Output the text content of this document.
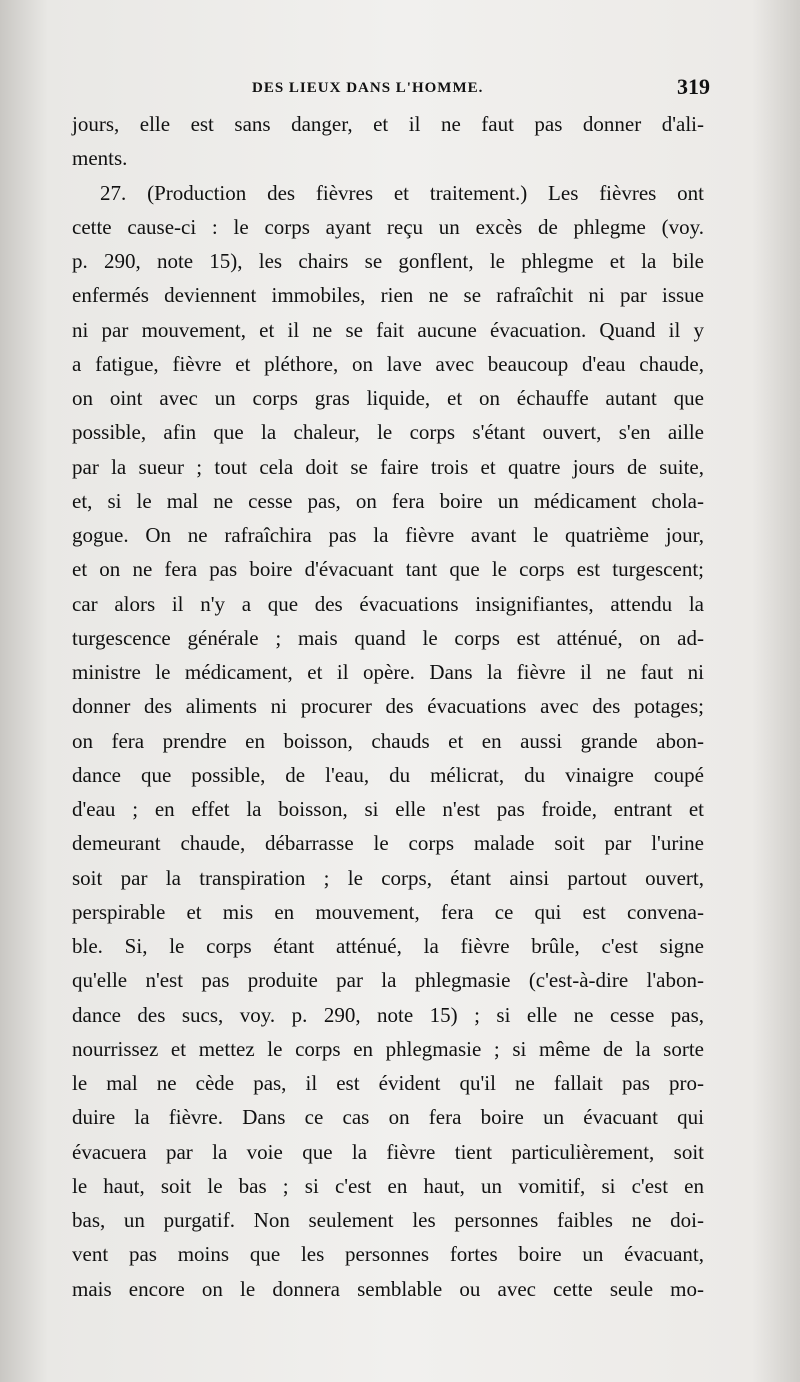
DES LIEUX DANS L'HOMME.	319
jours, elle est sans danger, et il ne faut pas donner d'ali-
ments.
27. (Production des fièvres et traitement.) Les fièvres ont
cette cause-ci : le corps ayant reçu un excès de phlegme (voy.
p. 290, note 15), les chairs se gonflent, le phlegme et la bile
enfermés deviennent immobiles, rien ne se rafraîchit ni par issue
ni par mouvement, et il ne se fait aucune évacuation. Quand il y
a fatigue, fièvre et pléthore, on lave avec beaucoup d'eau chaude,
on oint avec un corps gras liquide, et on échauffe autant que
possible, afin que la chaleur, le corps s'étant ouvert, s'en aille
par la sueur ; tout cela doit se faire trois et quatre jours de suite,
et, si le mal ne cesse pas, on fera boire un médicament chola-
gogue. On ne rafraîchira pas la fièvre avant le quatrième jour,
et on ne fera pas boire d'évacuant tant que le corps est turgescent;
car alors il n'y a que des évacuations insignifiantes, attendu la
turgescence générale ; mais quand le corps est atténué, on ad-
ministre le médicament, et il opère. Dans la fièvre il ne faut ni
donner des aliments ni procurer des évacuations avec des potages;
on fera prendre en boisson, chauds et en aussi grande abon-
dance que possible, de l'eau, du mélicrat, du vinaigre coupé
d'eau ; en effet la boisson, si elle n'est pas froide, entrant et
demeurant chaude, débarrasse le corps malade soit par l'urine
soit par la transpiration ; le corps, étant ainsi partout ouvert,
perspirable et mis en mouvement, fera ce qui est convena-
ble. Si, le corps étant atténué, la fièvre brûle, c'est signe
qu'elle n'est pas produite par la phlegmasie (c'est-à-dire l'abon-
dance des sucs, voy. p. 290, note 15) ; si elle ne cesse pas,
nourrissez et mettez le corps en phlegmasie ; si même de la sorte
le mal ne cède pas, il est évident qu'il ne fallait pas pro-
duire la fièvre. Dans ce cas on fera boire un évacuant qui
évacuera par la voie que la fièvre tient particulièrement, soit
le haut, soit le bas ; si c'est en haut, un vomitif, si c'est en
bas, un purgatif. Non seulement les personnes faibles ne doi-
vent pas moins que les personnes fortes boire un évacuant,
mais encore on le donnera semblable ou avec cette seule mo-
